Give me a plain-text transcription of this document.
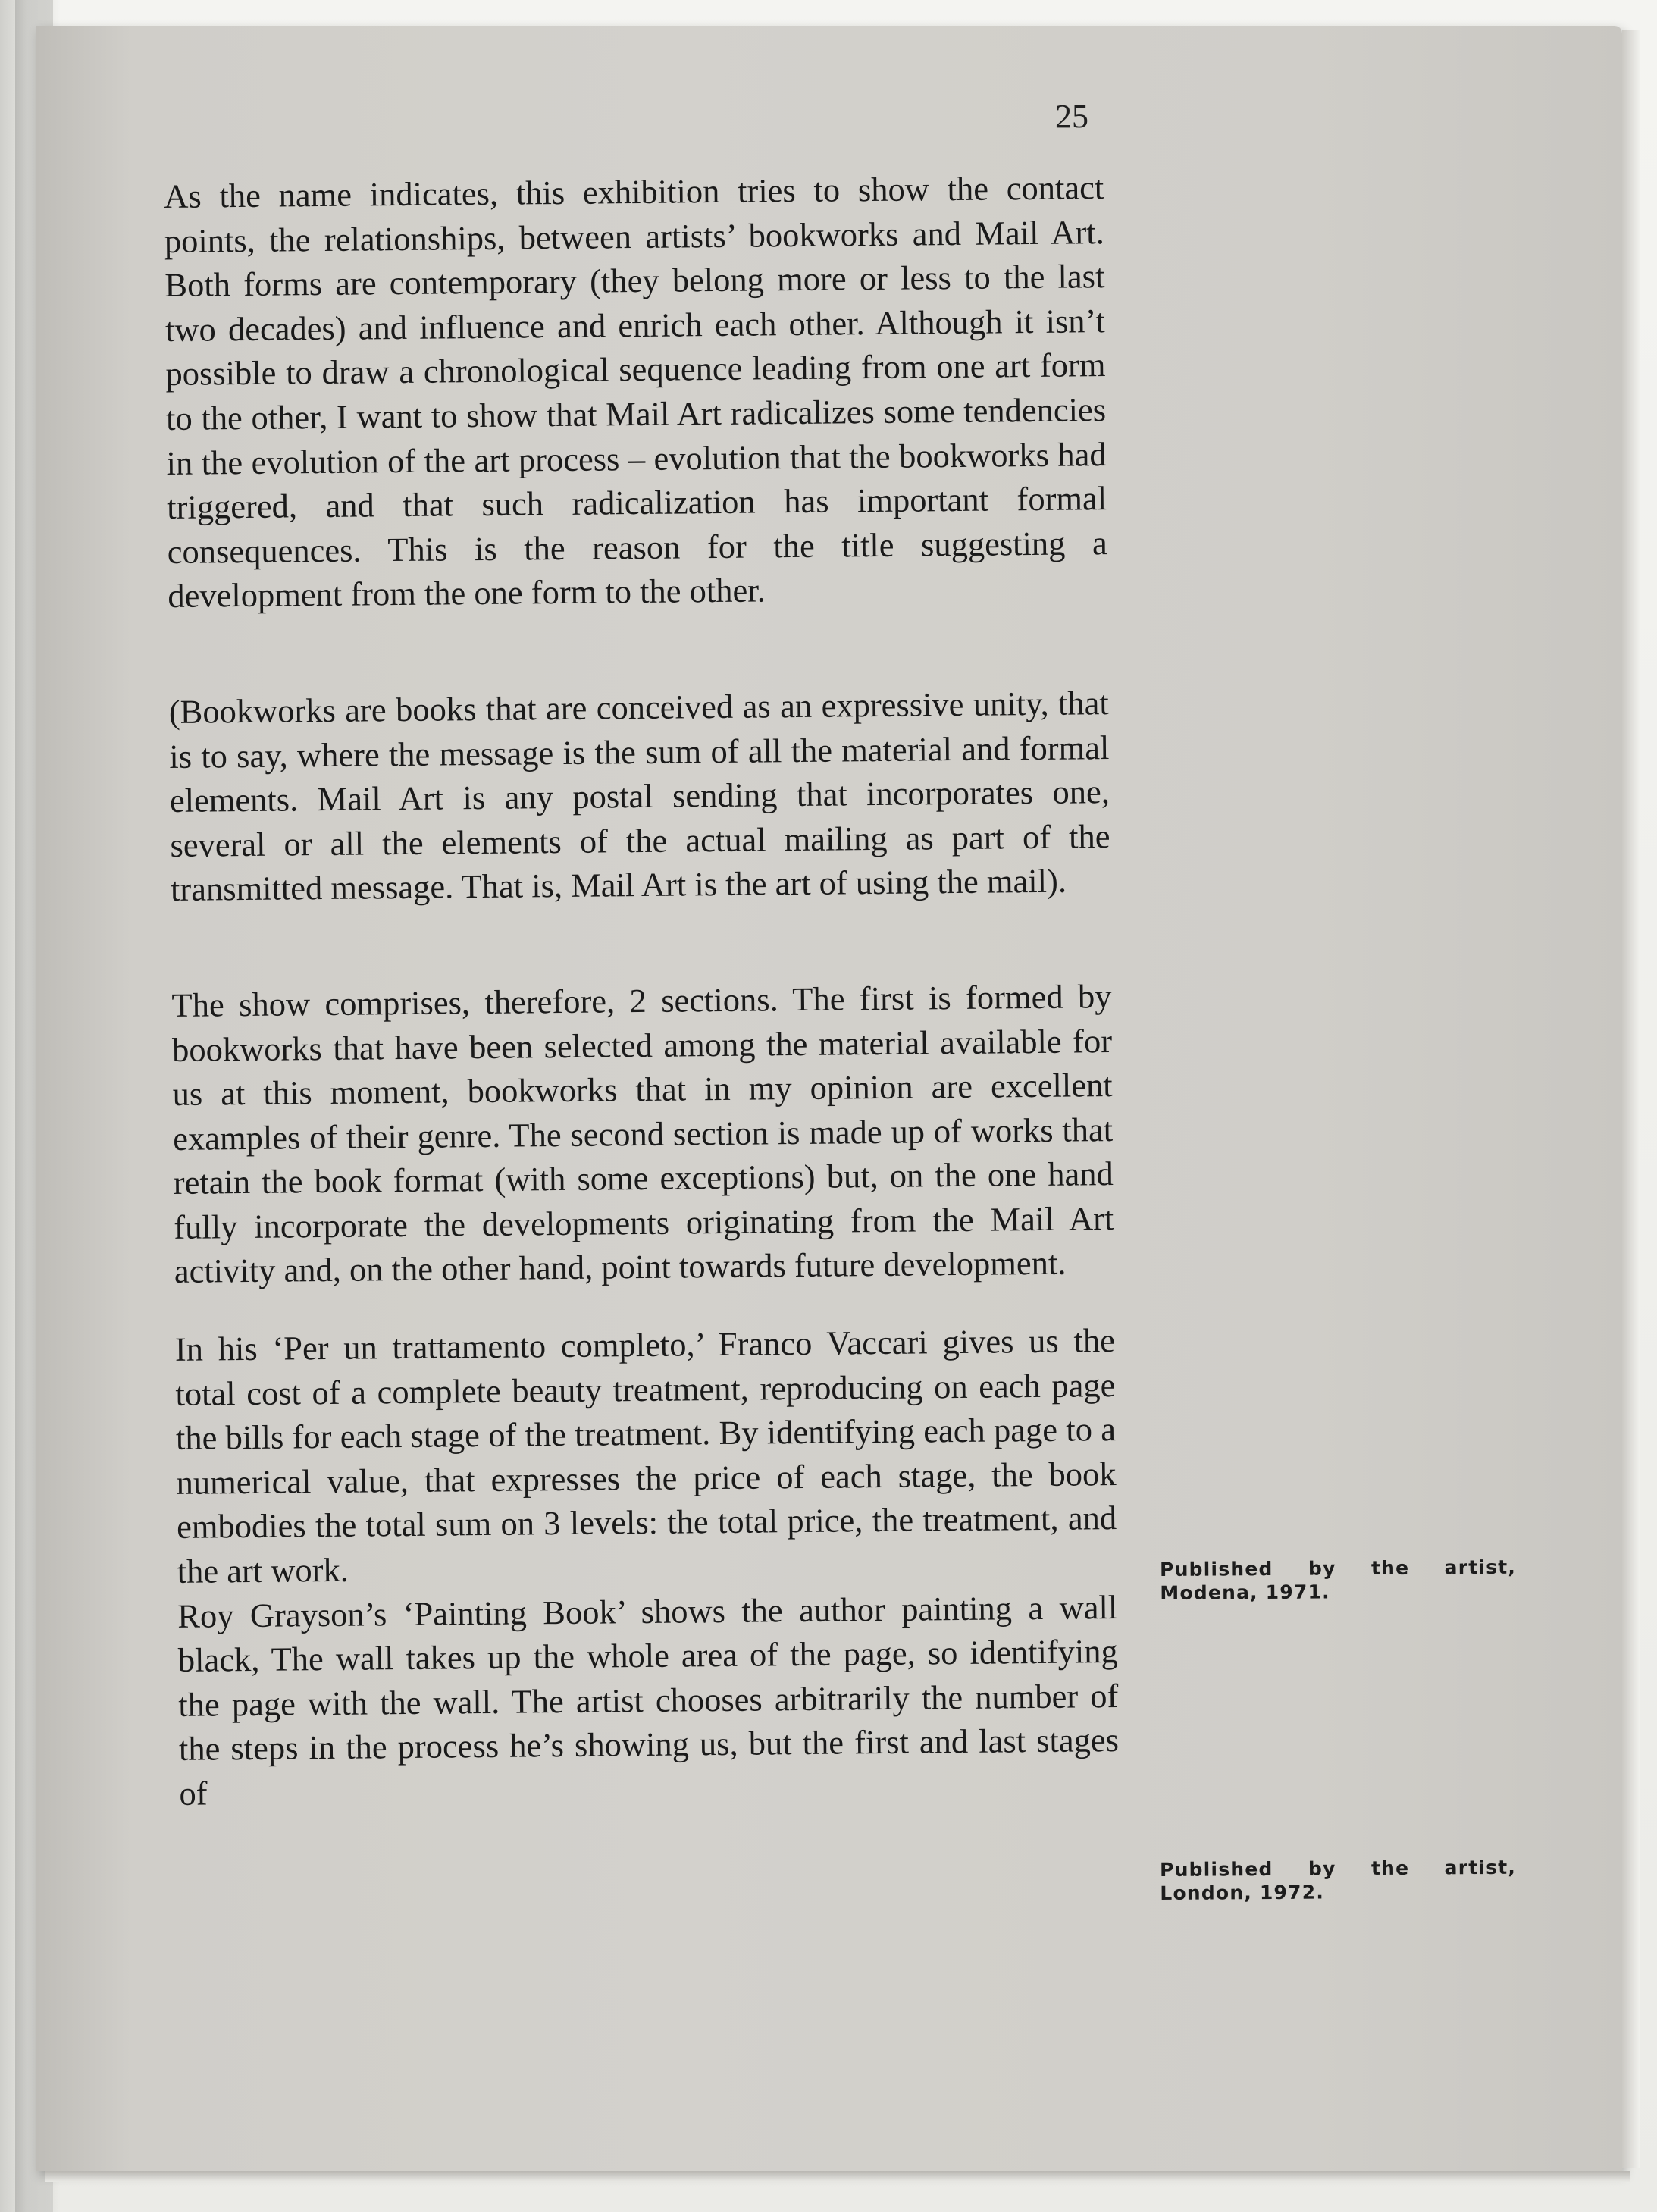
25

As the name indicates, this exhibition tries to show the contact points, the relationships, between artists’ bookworks and Mail Art. Both forms are contemporary (they belong more or less to the last two decades) and influence and enrich each other. Although it isn’t possible to draw a chronological sequence leading from one art form to the other, I want to show that Mail Art radicalizes some tendencies in the evolution of the art process – evolution that the bookworks had triggered, and that such radicalization has important formal consequences. This is the reason for the title suggesting a development from the one form to the other.

(Bookworks are books that are conceived as an expressive unity, that is to say, where the message is the sum of all the material and formal elements. Mail Art is any postal sending that incorporates one, several or all the elements of the actual mailing as part of the transmitted message. That is, Mail Art is the art of using the mail).

The show comprises, therefore, 2 sections. The first is formed by bookworks that have been selected among the material available for us at this moment, bookworks that in my opinion are excellent examples of their genre. The second section is made up of works that retain the book format (with some exceptions) but, on the one hand fully incorporate the developments originating from the Mail Art activity and, on the other hand, point towards future development.

In his ‘Per un trattamento completo,’ Franco Vaccari gives us the total cost of a complete beauty treatment, reproducing on each page the bills for each stage of the treatment. By identifying each page to a numerical value, that expresses the price of each stage, the book embodies the total sum on 3 levels: the total price, the treatment, and the art work.

Roy Grayson’s ‘Painting Book’ shows the author painting a wall black, The wall takes up the whole area of the page, so identifying the page with the wall. The artist chooses arbitrarily the number of the steps in the process he’s showing us, but the first and last stages of

Published by the artist,
Modena, 1971.
Published by the artist,
London, 1972.
